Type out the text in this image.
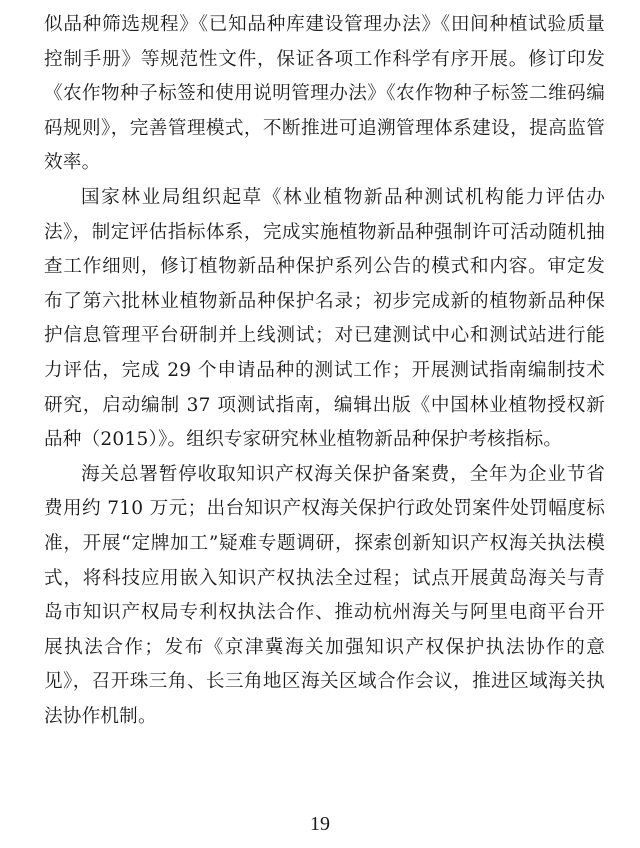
似品种筛选规程》《已知品种库建设管理办法》《田间种植试验质量控制手册》等规范性文件，保证各项工作科学有序开展。修订印发《农作物种子标签和使用说明管理办法》《农作物种子标签二维码编码规则》，完善管理模式，不断推进可追溯管理体系建设，提高监管效率。

国家林业局组织起草《林业植物新品种测试机构能力评估办法》，制定评估指标体系，完成实施植物新品种强制许可活动随机抽查工作细则，修订植物新品种保护系列公告的模式和内容。审定发布了第六批林业植物新品种保护名录；初步完成新的植物新品种保护信息管理平台研制并上线测试；对已建测试中心和测试站进行能力评估，完成 29 个申请品种的测试工作；开展测试指南编制技术研究，启动编制 37 项测试指南，编辑出版《中国林业植物授权新品种（2015）》。组织专家研究林业植物新品种保护考核指标。

海关总署暂停收取知识产权海关保护备案费，全年为企业节省费用约 710 万元；出台知识产权海关保护行政处罚案件处罚幅度标准，开展“定牌加工”疑难专题调研，探索创新知识产权海关执法模式，将科技应用嵌入知识产权执法全过程；试点开展黄岛海关与青岛市知识产权局专利权执法合作、推动杭州海关与阿里电商平台开展执法合作；发布《京津冀海关加强知识产权保护执法协作的意见》，召开珠三角、长三角地区海关区域合作会议，推进区域海关执法协作机制。

19
